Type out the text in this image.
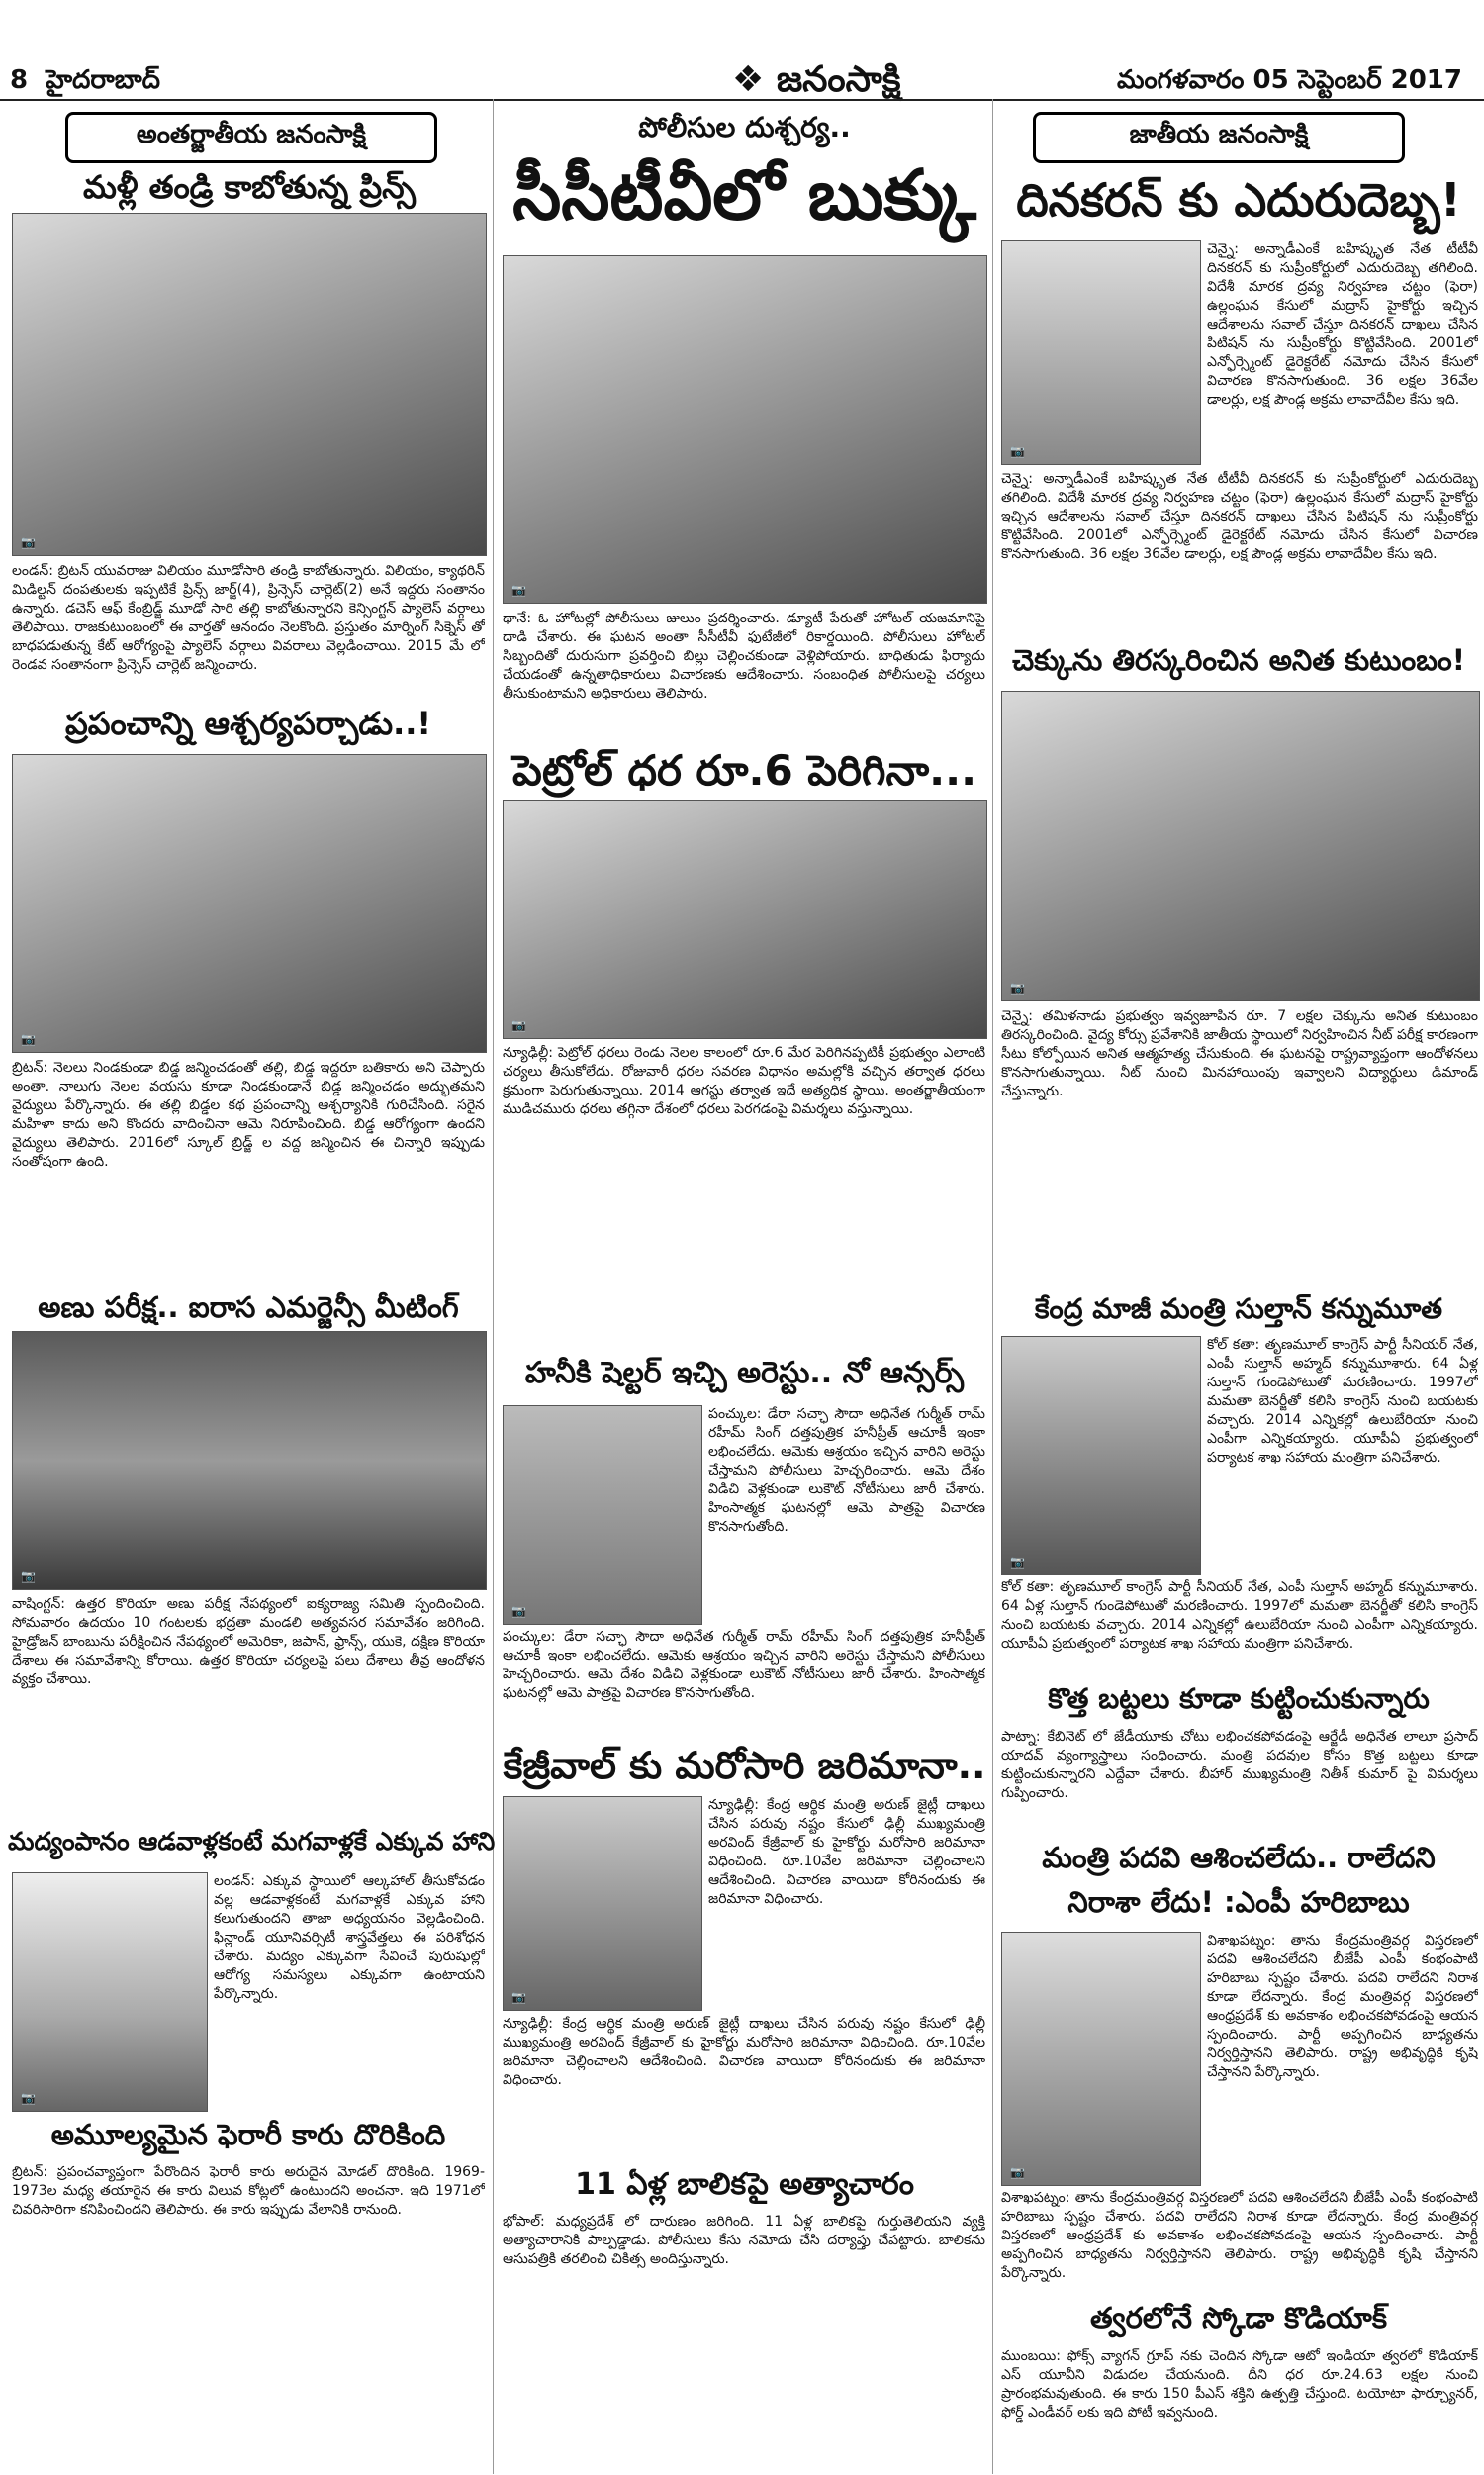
8 హైదరాబాద్	❖ జనంసాక్షి	మంగళవారం 05 సెప్టెంబర్ 2017
అంతర్జాతీయ జనంసాక్షి
మళ్లీ తండ్రి కాబోతున్న ప్రిన్స్
📷
లండన్: బ్రిటన్ యువరాజు విలియం మూడోసారి తండ్రి కాబోతున్నారు. విలియం, క్యాథరిన్ మిడిల్టన్ దంపతులకు ఇప్పటికే ప్రిన్స్ జార్జ్(4), ప్రిన్సెస్ చార్లెట్(2) అనే ఇద్దరు సంతానం ఉన్నారు. డచెస్ ఆఫ్ కేంబ్రిడ్జ్ మూడో సారి తల్లి కాబోతున్నారని కెన్సింగ్టన్ ప్యాలెస్ వర్గాలు తెలిపాయి. రాజకుటుంబంలో ఈ వార్తతో ఆనందం నెలకొంది. ప్రస్తుతం మార్నింగ్ సిక్నెస్ తో బాధపడుతున్న కేట్ ఆరోగ్యంపై ప్యాలెస్ వర్గాలు వివరాలు వెల్లడించాయి. 2015 మే లో రెండవ సంతానంగా ప్రిన్సెస్ చార్లెట్ జన్మించారు.
ప్రపంచాన్ని ఆశ్చర్యపర్చాడు..!
📷
బ్రిటన్: నెలలు నిండకుండా బిడ్డ జన్మించడంతో తల్లి, బిడ్డ ఇద్దరూ బతికారు అని చెప్పారు అంతా. నాలుగు నెలల వయసు కూడా నిండకుండానే బిడ్డ జన్మించడం అద్భుతమని వైద్యులు పేర్కొన్నారు. ఈ తల్లి బిడ్డల కథ ప్రపంచాన్ని ఆశ్చర్యానికి గురిచేసింది. సరైన మహిళా కాదు అని కొందరు వాదించినా ఆమె నిరూపించింది. బిడ్డ ఆరోగ్యంగా ఉందని వైద్యులు తెలిపారు. 2016లో స్కూల్ బ్రిడ్జ్ ల వద్ద జన్మించిన ఈ చిన్నారి ఇప్పుడు సంతోషంగా ఉంది.
అణు పరీక్ష.. ఐరాస ఎమర్జెన్సీ మీటింగ్
📷
వాషింగ్టన్: ఉత్తర కొరియా అణు పరీక్ష నేపథ్యంలో ఐక్యరాజ్య సమితి స్పందించింది. సోమవారం ఉదయం 10 గంటలకు భద్రతా మండలి అత్యవసర సమావేశం జరిగింది. హైడ్రోజన్ బాంబును పరీక్షించిన నేపథ్యంలో అమెరికా, జపాన్, ఫ్రాన్స్, యుకె, దక్షిణ కొరియా దేశాలు ఈ సమావేశాన్ని కోరాయి. ఉత్తర కొరియా చర్యలపై పలు దేశాలు తీవ్ర ఆందోళన వ్యక్తం చేశాయి.
మద్యంపానం ఆడవాళ్లకంటే మగవాళ్లకే ఎక్కువ హాని
📷
లండన్: ఎక్కువ స్థాయిలో ఆల్కహాల్ తీసుకోవడం వల్ల ఆడవాళ్లకంటే మగవాళ్లకే ఎక్కువ హాని కలుగుతుందని తాజా అధ్యయనం వెల్లడించింది. ఫిన్లాండ్ యూనివర్సిటీ శాస్త్రవేత్తలు ఈ పరిశోధన చేశారు. మద్యం ఎక్కువగా సేవించే పురుషుల్లో ఆరోగ్య సమస్యలు ఎక్కువగా ఉంటాయని పేర్కొన్నారు.
అమూల్యమైన ఫెరారీ కారు దొరికింది
బ్రిటన్: ప్రపంచవ్యాప్తంగా పేరొందిన ఫెరారీ కారు అరుదైన మోడల్ దొరికింది. 1969-1973ల మధ్య తయారైన ఈ కారు విలువ కోట్లలో ఉంటుందని అంచనా. ఇది 1971లో చివరిసారిగా కనిపించిందని తెలిపారు. ఈ కారు ఇప్పుడు వేలానికి రానుంది.
పోలీసుల దుశ్చర్య..
సీసీటీవీలో బుక్కు
📷
థానే: ఓ హోటల్లో పోలీసులు జులుం ప్రదర్శించారు. డ్యూటీ పేరుతో హోటల్ యజమానిపై దాడి చేశారు. ఈ ఘటన అంతా సీసీటీవీ ఫుటేజీలో రికార్డయింది. పోలీసులు హోటల్ సిబ్బందితో దురుసుగా ప్రవర్తించి బిల్లు చెల్లించకుండా వెళ్లిపోయారు. బాధితుడు ఫిర్యాదు చేయడంతో ఉన్నతాధికారులు విచారణకు ఆదేశించారు. సంబంధిత పోలీసులపై చర్యలు తీసుకుంటామని అధికారులు తెలిపారు.
పెట్రోల్ ధర రూ.6 పెరిగినా...
📷
న్యూఢిల్లీ: పెట్రోల్ ధరలు రెండు నెలల కాలంలో రూ.6 మేర పెరిగినప్పటికీ ప్రభుత్వం ఎలాంటి చర్యలు తీసుకోలేదు. రోజువారీ ధరల సవరణ విధానం అమల్లోకి వచ్చిన తర్వాత ధరలు క్రమంగా పెరుగుతున్నాయి. 2014 ఆగస్టు తర్వాత ఇదే అత్యధిక స్థాయి. అంతర్జాతీయంగా ముడిచమురు ధరలు తగ్గినా దేశంలో ధరలు పెరగడంపై విమర్శలు వస్తున్నాయి.
హనీకి షెల్టర్ ఇచ్చి అరెస్టు.. నో ఆన్సర్స్
📷
పంచ్కుల: డేరా సచ్ఛా సౌదా అధినేత గుర్మీత్ రామ్ రహీమ్ సింగ్ దత్తపుత్రిక హనీప్రీత్ ఆచూకీ ఇంకా లభించలేదు. ఆమెకు ఆశ్రయం ఇచ్చిన వారిని అరెస్టు చేస్తామని పోలీసులు హెచ్చరించారు. ఆమె దేశం విడిచి వెళ్లకుండా లుకౌట్ నోటీసులు జారీ చేశారు. హింసాత్మక ఘటనల్లో ఆమె పాత్రపై విచారణ కొనసాగుతోంది.
పంచ్కుల: డేరా సచ్ఛా సౌదా అధినేత గుర్మీత్ రామ్ రహీమ్ సింగ్ దత్తపుత్రిక హనీప్రీత్ ఆచూకీ ఇంకా లభించలేదు. ఆమెకు ఆశ్రయం ఇచ్చిన వారిని అరెస్టు చేస్తామని పోలీసులు హెచ్చరించారు. ఆమె దేశం విడిచి వెళ్లకుండా లుకౌట్ నోటీసులు జారీ చేశారు. హింసాత్మక ఘటనల్లో ఆమె పాత్రపై విచారణ కొనసాగుతోంది.
కేజ్రీవాల్ కు మరోసారి జరిమానా..
📷
న్యూఢిల్లీ: కేంద్ర ఆర్థిక మంత్రి అరుణ్ జైట్లీ దాఖలు చేసిన పరువు నష్టం కేసులో ఢిల్లీ ముఖ్యమంత్రి అరవింద్ కేజ్రీవాల్ కు హైకోర్టు మరోసారి జరిమానా విధించింది. రూ.10వేల జరిమానా చెల్లించాలని ఆదేశించింది. విచారణ వాయిదా కోరినందుకు ఈ జరిమానా విధించారు.
న్యూఢిల్లీ: కేంద్ర ఆర్థిక మంత్రి అరుణ్ జైట్లీ దాఖలు చేసిన పరువు నష్టం కేసులో ఢిల్లీ ముఖ్యమంత్రి అరవింద్ కేజ్రీవాల్ కు హైకోర్టు మరోసారి జరిమానా విధించింది. రూ.10వేల జరిమానా చెల్లించాలని ఆదేశించింది. విచారణ వాయిదా కోరినందుకు ఈ జరిమానా విధించారు.
11 ఏళ్ల బాలికపై అత్యాచారం
భోపాల్: మధ్యప్రదేశ్ లో దారుణం జరిగింది. 11 ఏళ్ల బాలికపై గుర్తుతెలియని వ్యక్తి అత్యాచారానికి పాల్పడ్డాడు. పోలీసులు కేసు నమోదు చేసి దర్యాప్తు చేపట్టారు. బాలికను ఆసుపత్రికి తరలించి చికిత్స అందిస్తున్నారు.
జాతీయ జనంసాక్షి
దినకరన్ కు ఎదురుదెబ్బ!
📷
చెన్నై: అన్నాడీఎంకే బహిష్కృత నేత టీటీవీ దినకరన్ కు సుప్రీంకోర్టులో ఎదురుదెబ్బ తగిలింది. విదేశీ మారక ద్రవ్య నిర్వహణ చట్టం (ఫెరా) ఉల్లంఘన కేసులో మద్రాస్ హైకోర్టు ఇచ్చిన ఆదేశాలను సవాల్ చేస్తూ దినకరన్ దాఖలు చేసిన పిటిషన్ ను సుప్రీంకోర్టు కొట్టివేసింది. 2001లో ఎన్ఫోర్స్మెంట్ డైరెక్టరేట్ నమోదు చేసిన కేసులో విచారణ కొనసాగుతుంది. 36 లక్షల 36వేల డాలర్లు, లక్ష పౌండ్ల అక్రమ లావాదేవీల కేసు ఇది.
చెన్నై: అన్నాడీఎంకే బహిష్కృత నేత టీటీవీ దినకరన్ కు సుప్రీంకోర్టులో ఎదురుదెబ్బ తగిలింది. విదేశీ మారక ద్రవ్య నిర్వహణ చట్టం (ఫెరా) ఉల్లంఘన కేసులో మద్రాస్ హైకోర్టు ఇచ్చిన ఆదేశాలను సవాల్ చేస్తూ దినకరన్ దాఖలు చేసిన పిటిషన్ ను సుప్రీంకోర్టు కొట్టివేసింది. 2001లో ఎన్ఫోర్స్మెంట్ డైరెక్టరేట్ నమోదు చేసిన కేసులో విచారణ కొనసాగుతుంది. 36 లక్షల 36వేల డాలర్లు, లక్ష పౌండ్ల అక్రమ లావాదేవీల కేసు ఇది.
చెక్కును తిరస్కరించిన అనిత కుటుంబం!
📷
చెన్నై: తమిళనాడు ప్రభుత్వం ఇవ్వజూపిన రూ. 7 లక్షల చెక్కును అనిత కుటుంబం తిరస్కరించింది. వైద్య కోర్సు ప్రవేశానికి జాతీయ స్థాయిలో నిర్వహించిన నీట్ పరీక్ష కారణంగా సీటు కోల్పోయిన అనిత ఆత్మహత్య చేసుకుంది. ఈ ఘటనపై రాష్ట్రవ్యాప్తంగా ఆందోళనలు కొనసాగుతున్నాయి. నీట్ నుంచి మినహాయింపు ఇవ్వాలని విద్యార్థులు డిమాండ్ చేస్తున్నారు.
కేంద్ర మాజీ మంత్రి సుల్తాన్ కన్నుమూత
📷
కోల్ కతా: తృణమూల్ కాంగ్రెస్ పార్టీ సీనియర్ నేత, ఎంపీ సుల్తాన్ అహ్మద్ కన్నుమూశారు. 64 ఏళ్ల సుల్తాన్ గుండెపోటుతో మరణించారు. 1997లో మమతా బెనర్జీతో కలిసి కాంగ్రెస్ నుంచి బయటకు వచ్చారు. 2014 ఎన్నికల్లో ఉలుబేరియా నుంచి ఎంపీగా ఎన్నికయ్యారు. యూపీఏ ప్రభుత్వంలో పర్యాటక శాఖ సహాయ మంత్రిగా పనిచేశారు.
కోల్ కతా: తృణమూల్ కాంగ్రెస్ పార్టీ సీనియర్ నేత, ఎంపీ సుల్తాన్ అహ్మద్ కన్నుమూశారు. 64 ఏళ్ల సుల్తాన్ గుండెపోటుతో మరణించారు. 1997లో మమతా బెనర్జీతో కలిసి కాంగ్రెస్ నుంచి బయటకు వచ్చారు. 2014 ఎన్నికల్లో ఉలుబేరియా నుంచి ఎంపీగా ఎన్నికయ్యారు. యూపీఏ ప్రభుత్వంలో పర్యాటక శాఖ సహాయ మంత్రిగా పనిచేశారు.
కొత్త బట్టలు కూడా కుట్టించుకున్నారు
పాట్నా: కేబినెట్ లో జేడీయూకు చోటు లభించకపోవడంపై ఆర్జేడీ అధినేత లాలూ ప్రసాద్ యాదవ్ వ్యంగ్యాస్త్రాలు సంధించారు. మంత్రి పదవుల కోసం కొత్త బట్టలు కూడా కుట్టించుకున్నారని ఎద్దేవా చేశారు. బీహార్ ముఖ్యమంత్రి నితీశ్ కుమార్ పై విమర్శలు గుప్పించారు.
మంత్రి పదవి ఆశించలేదు.. రాలేదని
నిరాశా లేదు! :ఎంపీ హరిబాబు
📷
విశాఖపట్నం: తాను కేంద్రమంత్రివర్గ విస్తరణలో పదవి ఆశించలేదని బీజేపీ ఎంపీ కంభంపాటి హరిబాబు స్పష్టం చేశారు. పదవి రాలేదని నిరాశ కూడా లేదన్నారు. కేంద్ర మంత్రివర్గ విస్తరణలో ఆంధ్రప్రదేశ్ కు అవకాశం లభించకపోవడంపై ఆయన స్పందించారు. పార్టీ అప్పగించిన బాధ్యతను నిర్వర్తిస్తానని తెలిపారు. రాష్ట్ర అభివృద్ధికి కృషి చేస్తానని పేర్కొన్నారు.
విశాఖపట్నం: తాను కేంద్రమంత్రివర్గ విస్తరణలో పదవి ఆశించలేదని బీజేపీ ఎంపీ కంభంపాటి హరిబాబు స్పష్టం చేశారు. పదవి రాలేదని నిరాశ కూడా లేదన్నారు. కేంద్ర మంత్రివర్గ విస్తరణలో ఆంధ్రప్రదేశ్ కు అవకాశం లభించకపోవడంపై ఆయన స్పందించారు. పార్టీ అప్పగించిన బాధ్యతను నిర్వర్తిస్తానని తెలిపారు. రాష్ట్ర అభివృద్ధికి కృషి చేస్తానని పేర్కొన్నారు.
త్వరలోనే స్కోడా కొడియాక్
ముంబయి: ఫోక్స్ వ్యాగన్ గ్రూప్ నకు చెందిన స్కోడా ఆటో ఇండియా త్వరలో కొడియాక్ ఎస్ యూవీని విడుదల చేయనుంది. దీని ధర రూ.24.63 లక్షల నుంచి ప్రారంభమవుతుంది. ఈ కారు 150 పీఎస్ శక్తిని ఉత్పత్తి చేస్తుంది. టయోటా ఫార్చ్యూనర్, ఫోర్డ్ ఎండీవర్ లకు ఇది పోటీ ఇవ్వనుంది.
